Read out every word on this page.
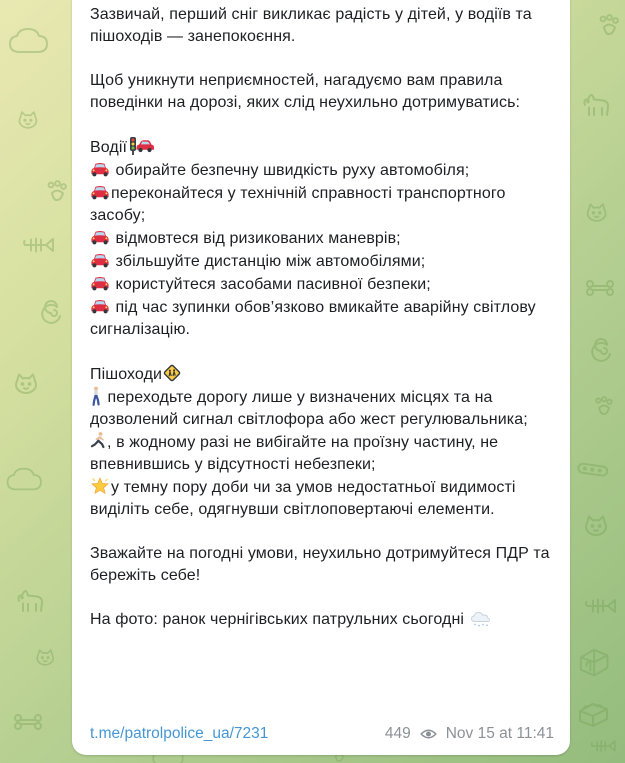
Зазвичай, перший сніг викликає радість у дітей, у водіїв та пішоходів — занепокоєння.

Щоб уникнути неприємностей, нагадуємо вам правила поведінки на дорозі, яких слід неухильно дотримуватись:

Водії
обирайте безпечну швидкість руху автомобіля;
переконайтеся у технічній справності транспортного засобу;
відмовтеся від ризикованих маневрів;
збільшуйте дистанцію між автомобілями;
користуйтеся засобами пасивної безпеки;
під час зупинки обов’язково вмикайте аварійну світлову сигналізацію.
Пішоходи
переходьте дорогу лише у визначених місцях та на дозволений сигнал світлофора або жест регулювальника;
, в жодному разі не вибігайте на проїзну частину, не впевнившись у відсутності небезпеки;
у темну пору доби чи за умов недостатньої видимості виділіть себе, одягнувши світлоповертаючі елементи.

Зважайте на погодні умови, неухильно дотримуйтеся ПДР та бережіть себе!

На фото: ранок чернігівських патрульних сьогодні
t.me/patrolpolice_ua/7231	449 Nov 15 at 11:41
